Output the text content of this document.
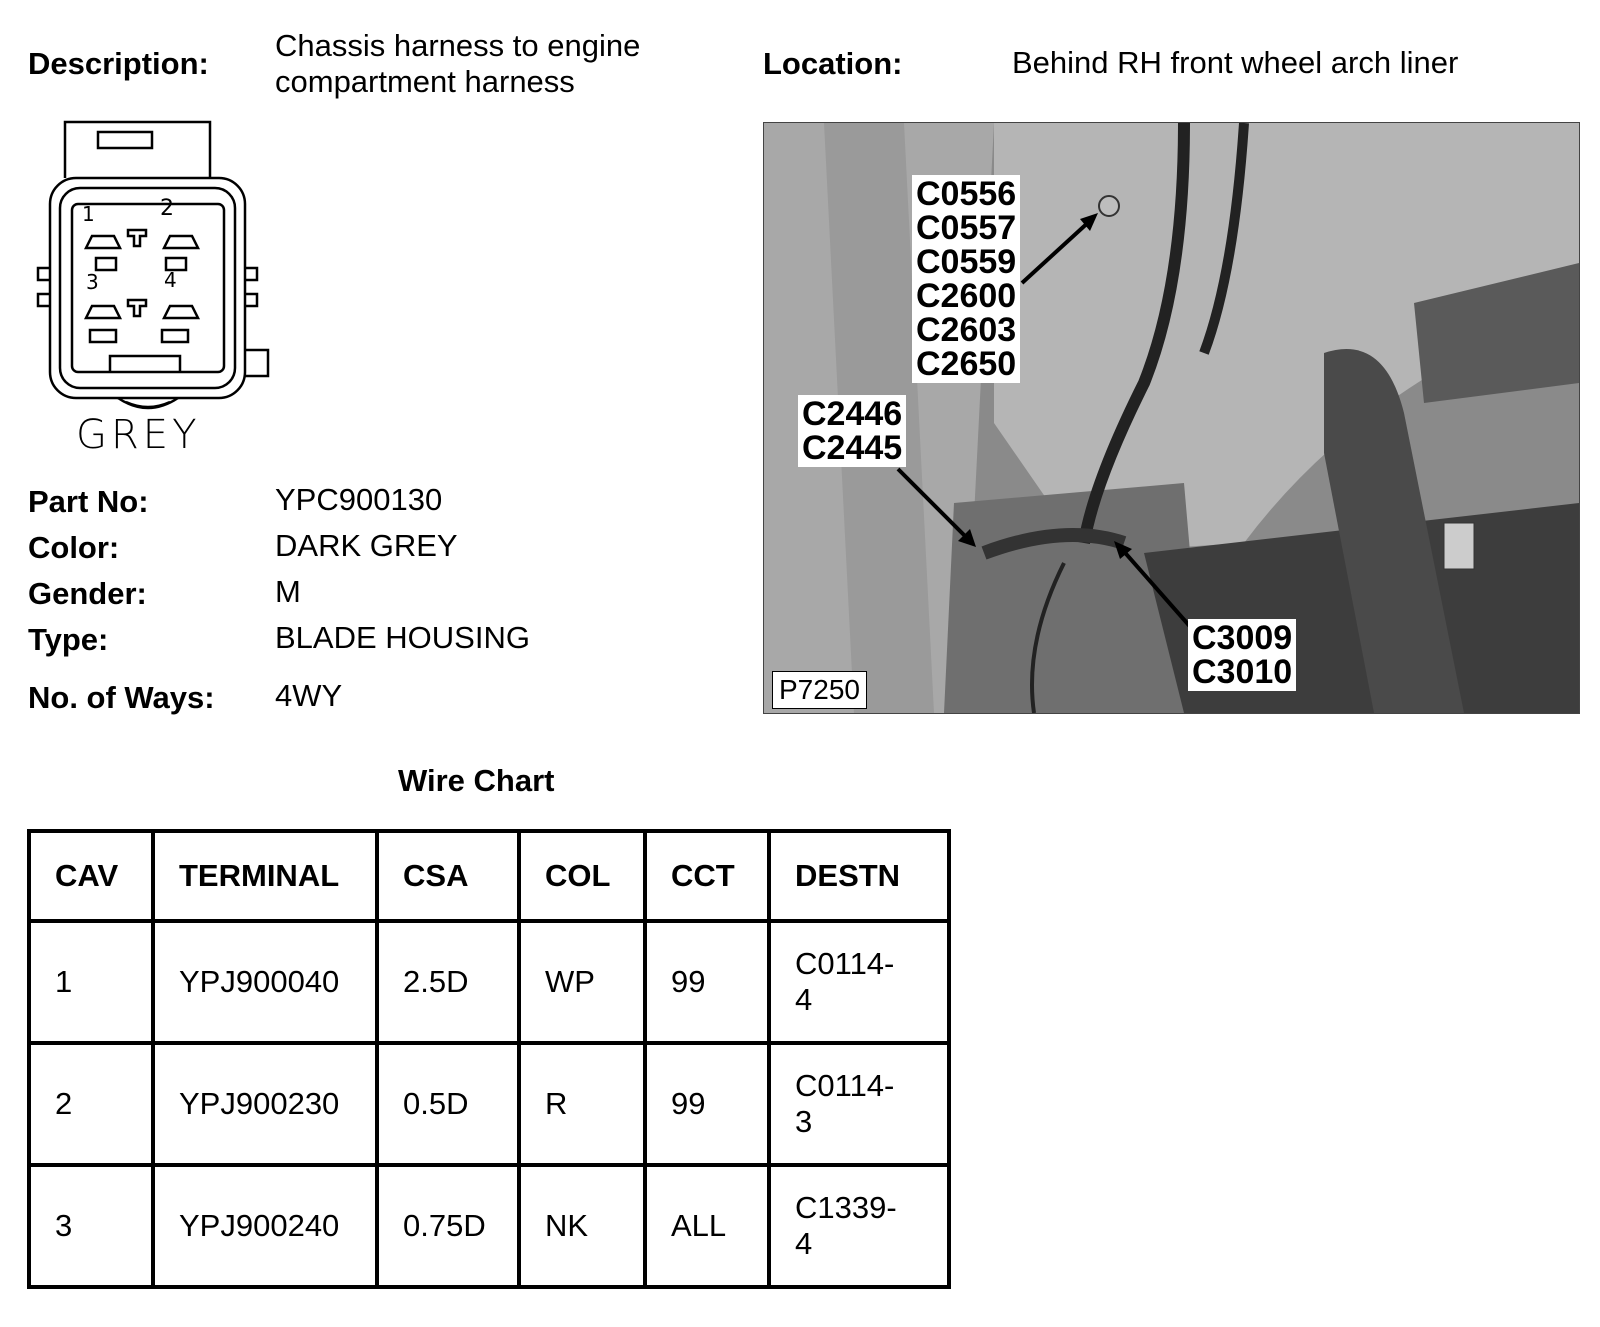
Description:
Chassis harness to engine
compartment harness
Location:	Behind RH front wheel arch liner
1	2
3	4
GREY
Part No:	YPC900130
Color:	DARK GREY
Gender:	M
Type:	BLADE HOUSING
No. of Ways: 4WY
C0556
C0557
C0559
C2600
C2603
C2650
C2446
C2445
C3009
C3010
P7250
Wire Chart
CAV	TERMINAL	CSA	COL	CCT	DESTN
1	YPJ900040	2.5D	WP	99	C0114-
4

2	YPJ900230	0.5D	R	99	C0114-
3

3	YPJ900240	0.75D	NK	ALL	C1339-
4
